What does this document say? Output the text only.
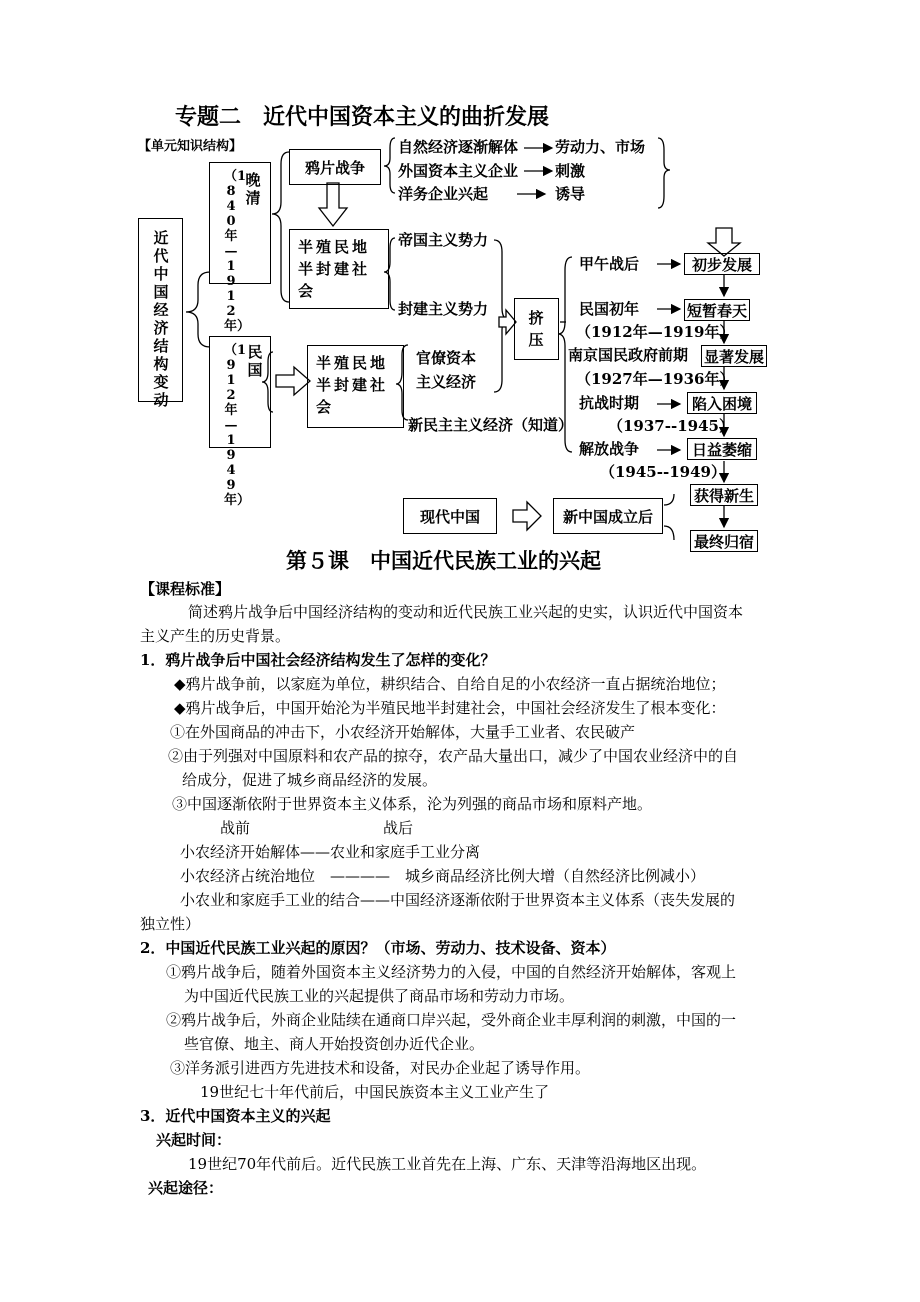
专题二　近代中国资本主义的曲折发展
【单元知识结构】
近代中国经济结构变动
晚清
（1840年—1912年）
民国
（1912年—1949年）
鸦片战争
半殖民地半封建社会
半殖民地半封建社会
自然经济逐渐解体 劳动力、市场
外国资本主义企业 刺激
洋务企业兴起	诱导
帝国主义势力
封建主义势力	挤压
官僚资本主义经济
新民主主义经济（知道）
甲午战后
民国初年
（1912年—1919年）
南京国民政府前期
（1927年—1936年）
抗战时期
（1937--1945）
解放战争
（1945--1949）
初步发展
短暂春天
显著发展
陷入困境
日益萎缩
获得新生
最终归宿
现代中国	新中国成立后
第５课　中国近代民族工业的兴起
【课程标准】
简述鸦片战争后中国经济结构的变动和近代民族工业兴起的史实，认识近代中国资本
主义产生的历史背景。
1．鸦片战争后中国社会经济结构发生了怎样的变化？
◆鸦片战争前，以家庭为单位，耕织结合、自给自足的小农经济一直占据统治地位；
◆鸦片战争后，中国开始沦为半殖民地半封建社会，中国社会经济发生了根本变化：
①在外国商品的冲击下，小农经济开始解体，大量手工业者、农民破产
②由于列强对中国原料和农产品的掠夺，农产品大量出口，减少了中国农业经济中的自
给成分，促进了城乡商品经济的发展。
③中国逐渐依附于世界资本主义体系，沦为列强的商品市场和原料产地。
战前	战后
小农经济开始解体——农业和家庭手工业分离
小农经济占统治地位　————　城乡商品经济比例大增（自然经济比例减小）
小农业和家庭手工业的结合——中国经济逐渐依附于世界资本主义体系（丧失发展的
独立性）
2．中国近代民族工业兴起的原因？（市场、劳动力、技术设备、资本）
①鸦片战争后，随着外国资本主义经济势力的入侵，中国的自然经济开始解体，客观上
为中国近代民族工业的兴起提供了商品市场和劳动力市场。
②鸦片战争后，外商企业陆续在通商口岸兴起，受外商企业丰厚利润的刺激，中国的一
些官僚、地主、商人开始投资创办近代企业。
③洋务派引进西方先进技术和设备，对民办企业起了诱导作用。
19世纪七十年代前后，中国民族资本主义工业产生了
3．近代中国资本主义的兴起
兴起时间：
19世纪70年代前后。近代民族工业首先在上海、广东、天津等沿海地区出现。
兴起途径：
